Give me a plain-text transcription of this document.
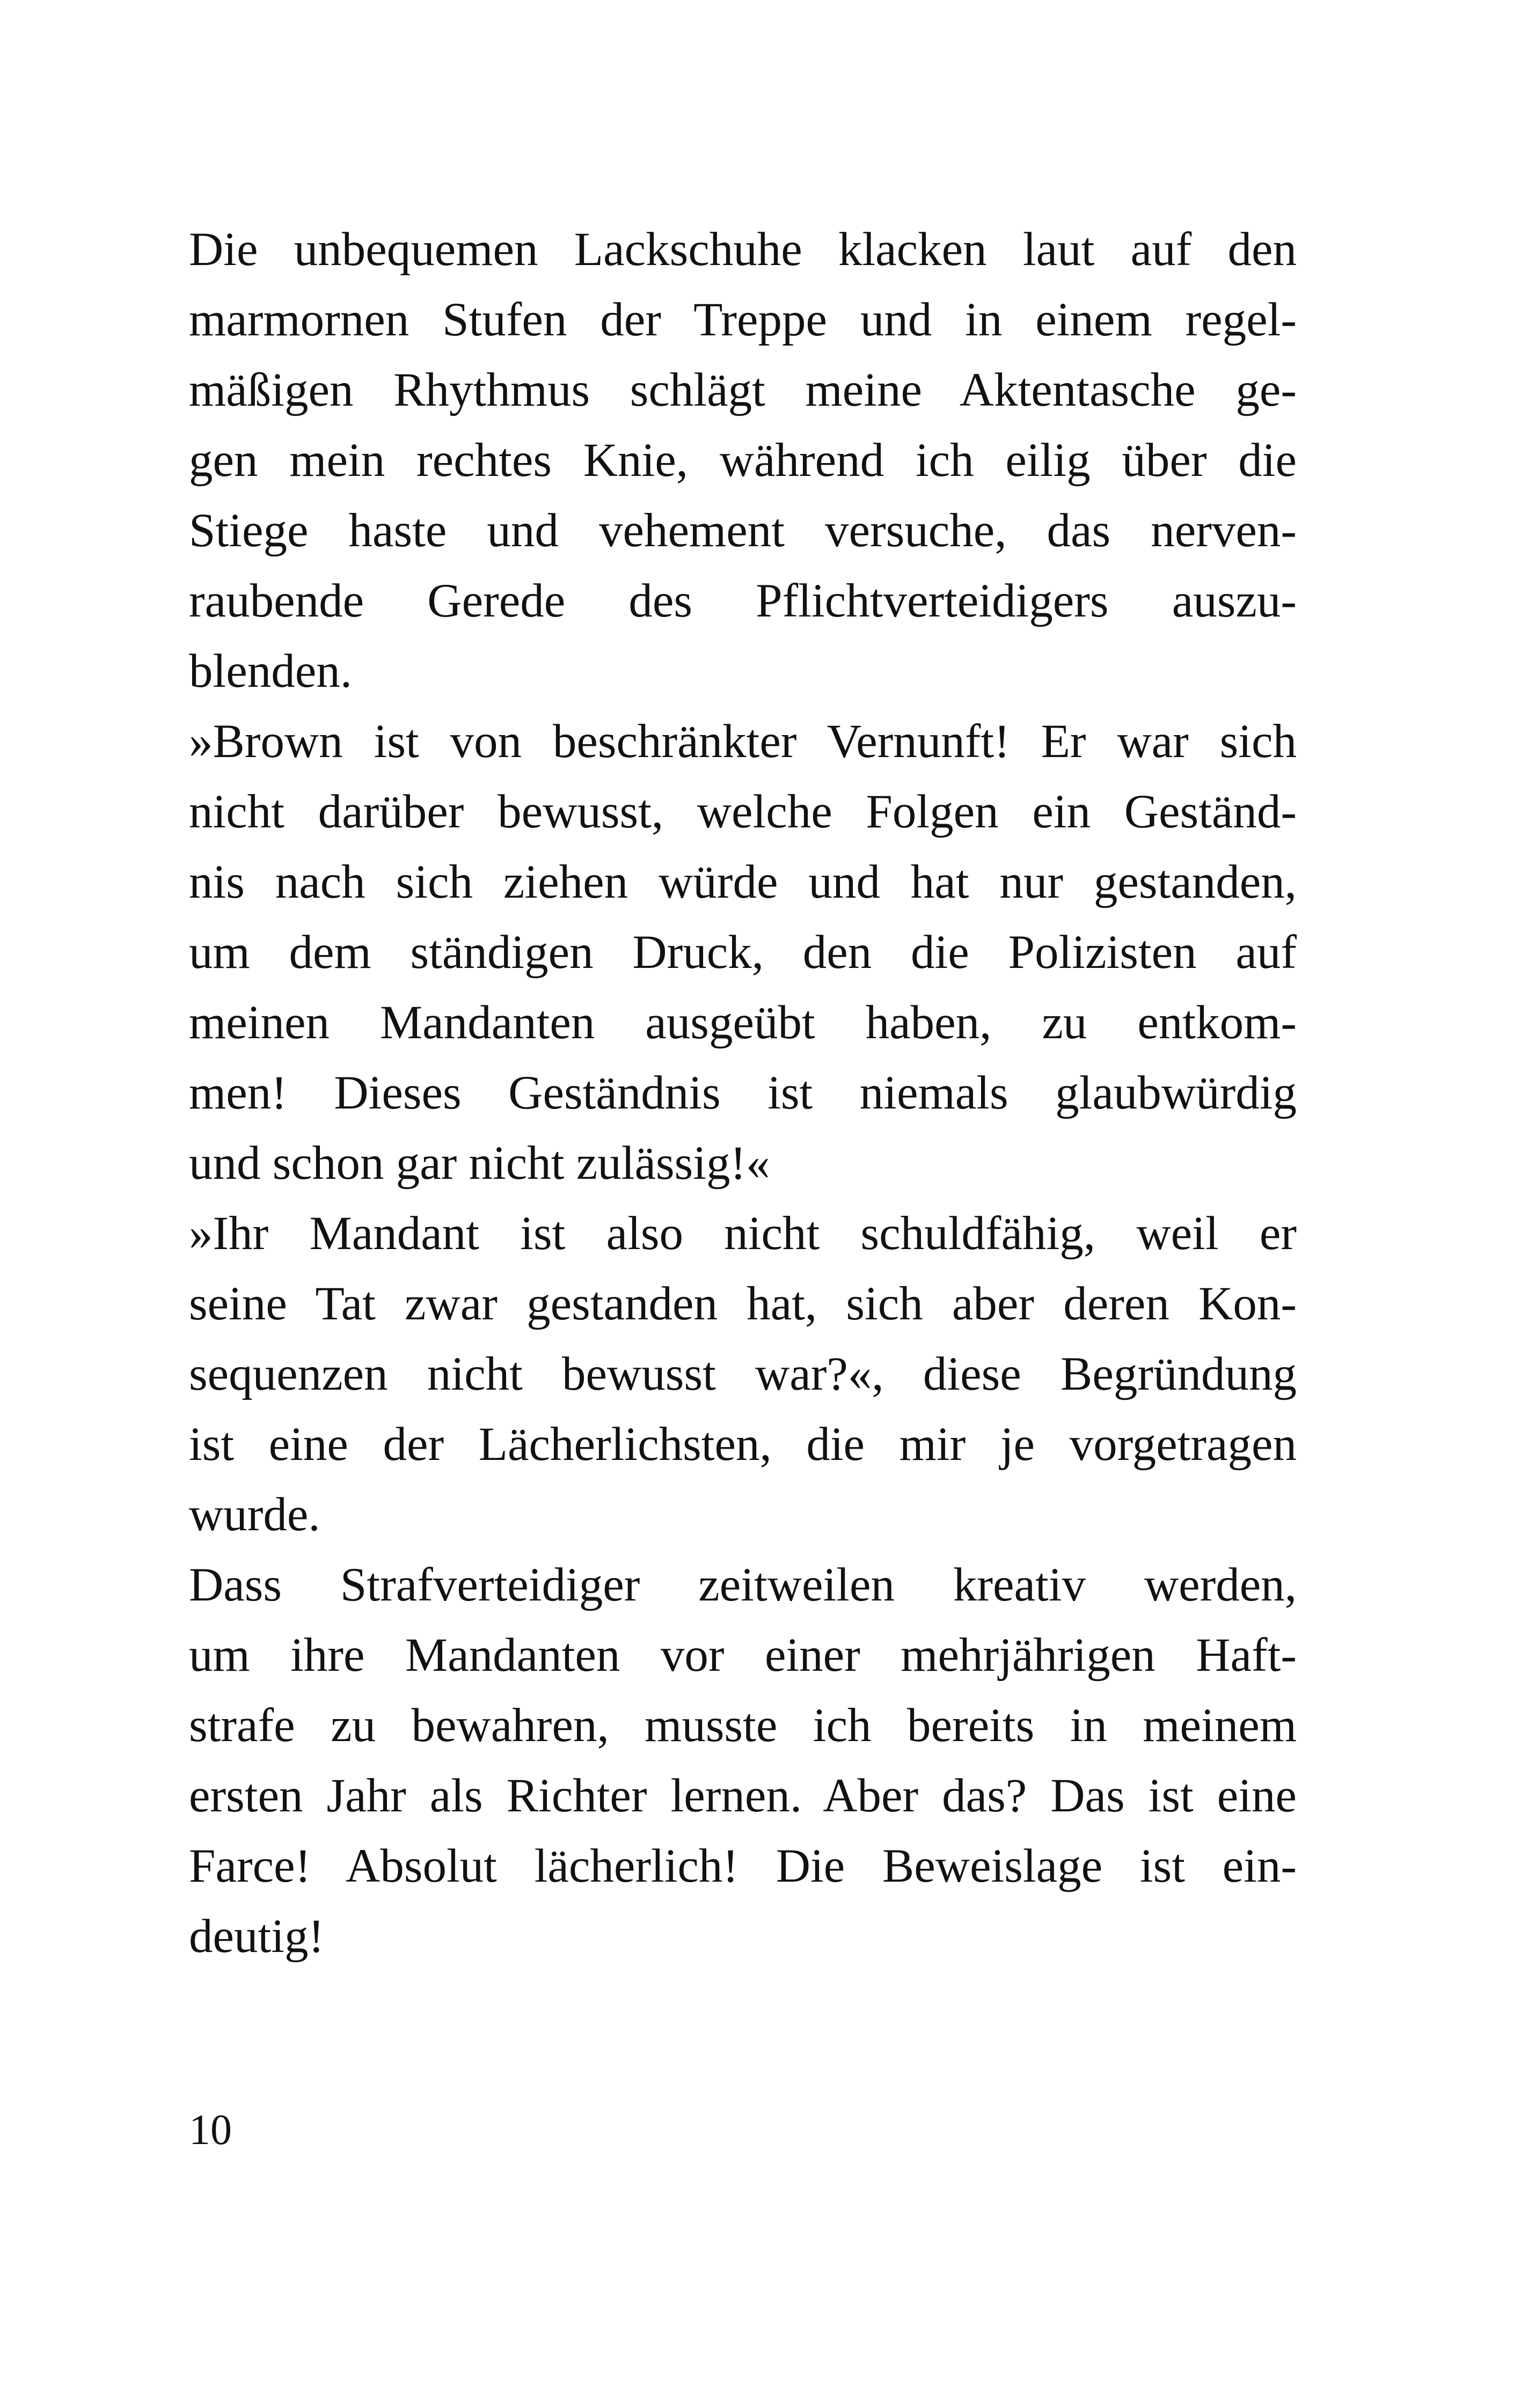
Die unbequemen Lackschuhe klacken laut auf den
marmornen Stufen der Treppe und in einem regel-
mäßigen Rhythmus schlägt meine Aktentasche ge-
gen mein rechtes Knie, während ich eilig über die
Stiege haste und vehement versuche, das nerven-
raubende Gerede des Pflichtverteidigers auszu-
blenden.
»Brown ist von beschränkter Vernunft! Er war sich
nicht darüber bewusst, welche Folgen ein Geständ-
nis nach sich ziehen würde und hat nur gestanden,
um dem ständigen Druck, den die Polizisten auf
meinen Mandanten ausgeübt haben, zu entkom-
men! Dieses Geständnis ist niemals glaubwürdig
und schon gar nicht zulässig!«
»Ihr Mandant ist also nicht schuldfähig, weil er
seine Tat zwar gestanden hat, sich aber deren Kon-
sequenzen nicht bewusst war?«, diese Begründung
ist eine der Lächerlichsten, die mir je vorgetragen
wurde.
Dass Strafverteidiger zeitweilen kreativ werden,
um ihre Mandanten vor einer mehrjährigen Haft-
strafe zu bewahren, musste ich bereits in meinem
ersten Jahr als Richter lernen. Aber das? Das ist eine
Farce! Absolut lächerlich! Die Beweislage ist ein-
deutig!
10
